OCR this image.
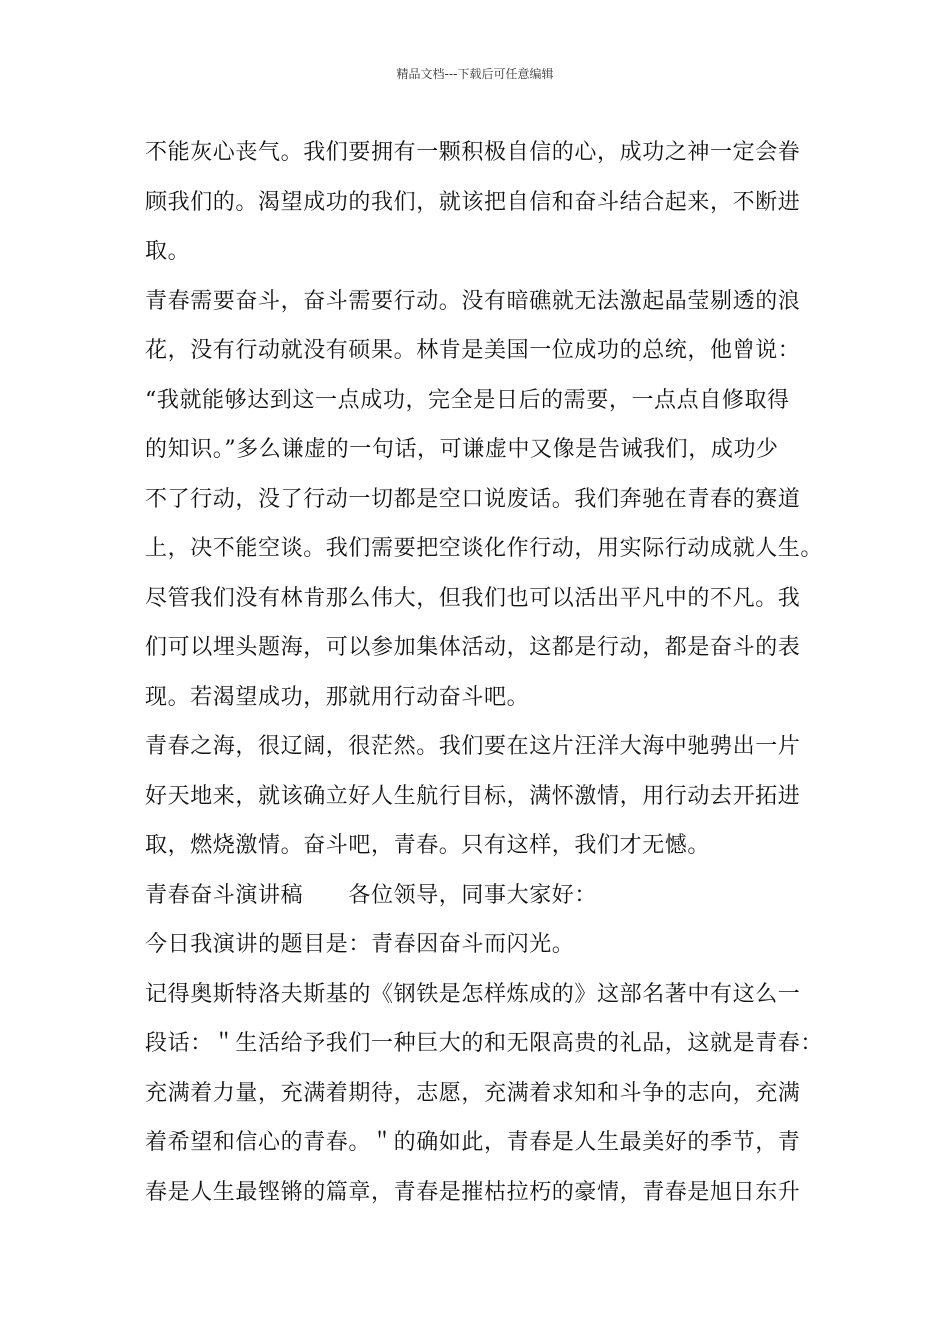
精品文档---下载后可任意编辑
不能灰心丧气。我们要拥有一颗积极自信的心，成功之神一定会眷
顾我们的。渴望成功的我们，就该把自信和奋斗结合起来，不断进
取。
青春需要奋斗，奋斗需要行动。没有暗礁就无法激起晶莹剔透的浪
花，没有行动就没有硕果。林肯是美国一位成功的总统，他曾说：
“我就能够达到这一点成功，完全是日后的需要，一点点自修取得
的知识。”多么谦虚的一句话，可谦虚中又像是告诫我们，成功少
不了行动，没了行动一切都是空口说废话。我们奔驰在青春的赛道
上，决不能空谈。我们需要把空谈化作行动，用实际行动成就人生。
尽管我们没有林肯那么伟大，但我们也可以活出平凡中的不凡。我
们可以埋头题海，可以参加集体活动，这都是行动，都是奋斗的表
现。若渴望成功，那就用行动奋斗吧。
青春之海，很辽阔，很茫然。我们要在这片汪洋大海中驰骋出一片
好天地来，就该确立好人生航行目标，满怀激情，用行动去开拓进
取，燃烧激情。奋斗吧，青春。只有这样，我们才无憾。
青春奋斗演讲稿　　各位领导，同事大家好：
今日我演讲的题目是：青春因奋斗而闪光。
记得奥斯特洛夫斯基的《钢铁是怎样炼成的》这部名著中有这么一
段话：＂生活给予我们一种巨大的和无限高贵的礼品，这就是青春：
充满着力量，充满着期待，志愿，充满着求知和斗争的志向，充满
着希望和信心的青春。＂的确如此，青春是人生最美好的季节，青
春是人生最铿锵的篇章，青春是摧枯拉朽的豪情，青春是旭日东升
